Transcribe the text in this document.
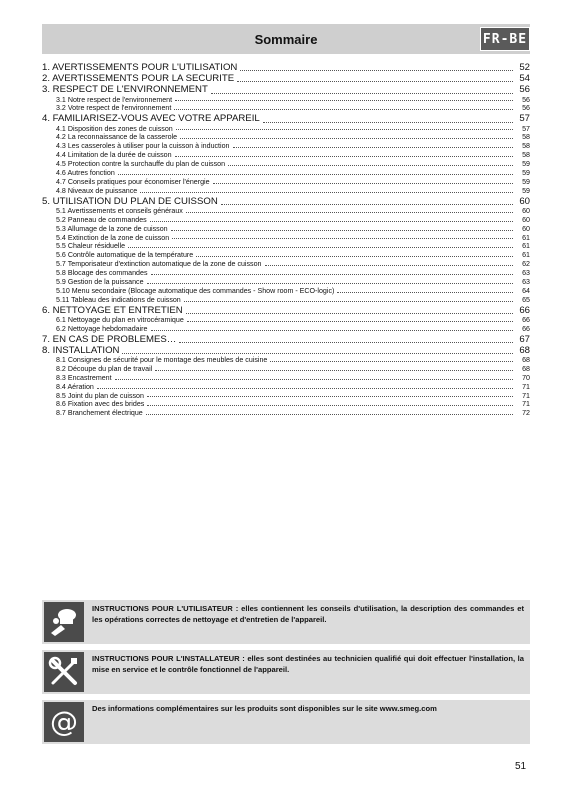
Sommaire	FR-BE
1. AVERTISSEMENTS POUR L'UTILISATION	52
2. AVERTISSEMENTS POUR LA SECURITE	54
3. RESPECT DE L'ENVIRONNEMENT	56
3.1 Notre respect de l'environnement	56
3.2 Votre respect de l'environnement	56
4. FAMILIARISEZ-VOUS AVEC VOTRE APPAREIL	57
4.1 Disposition des zones de cuisson	57
4.2 La reconnaissance de la casserole	58
4.3 Les casseroles à utiliser pour la cuisson à induction	58
4.4 Limitation de la durée de cuisson	58
4.5 Protection contre la surchauffe du plan de cuisson	59
4.6 Autres fonction	59
4.7 Conseils pratiques pour économiser l'énergie	59
4.8 Niveaux de puissance	59
5. UTILISATION DU PLAN DE CUISSON	60
5.1 Avertissements et conseils généraux	60
5.2 Panneau de commandes	60
5.3 Allumage de la zone de cuisson	60
5.4 Extinction de la zone de cuisson	61
5.5 Chaleur résiduelle	61
5.6 Contrôle automatique de la température	61
5.7 Temporisateur d'extinction automatique de la zone de cuisson	62
5.8 Blocage des commandes	63
5.9 Gestion de la puissance	63
5.10 Menu secondaire (Blocage automatique des commandes - Show room - ECO-logic)	64
5.11 Tableau des indications de cuisson	65
6. NETTOYAGE ET ENTRETIEN	66
6.1 Nettoyage du plan en vitrocéramique	66
6.2 Nettoyage hebdomadaire	66
7. EN CAS DE PROBLEMES…	67
8. INSTALLATION	68
8.1 Consignes de sécurité pour le montage des meubles de cuisine	68
8.2 Découpe du plan de travail	68
8.3 Encastrement	70
8.4 Aération	71
8.5 Joint du plan de cuisson	71
8.6 Fixation avec des brides	71
8.7 Branchement électrique	72
INSTRUCTIONS POUR L'UTILISATEUR : elles contiennent les conseils d'utilisation, la description des commandes et les opérations correctes de nettoyage et d'entretien de l'appareil.
INSTRUCTIONS POUR L'INSTALLATEUR : elles sont destinées au technicien qualifié qui doit effectuer l'installation, la mise en service et le contrôle fonctionnel de l'appareil.
@	Des informations complémentaires sur les produits sont disponibles sur le site www.smeg.com
51
